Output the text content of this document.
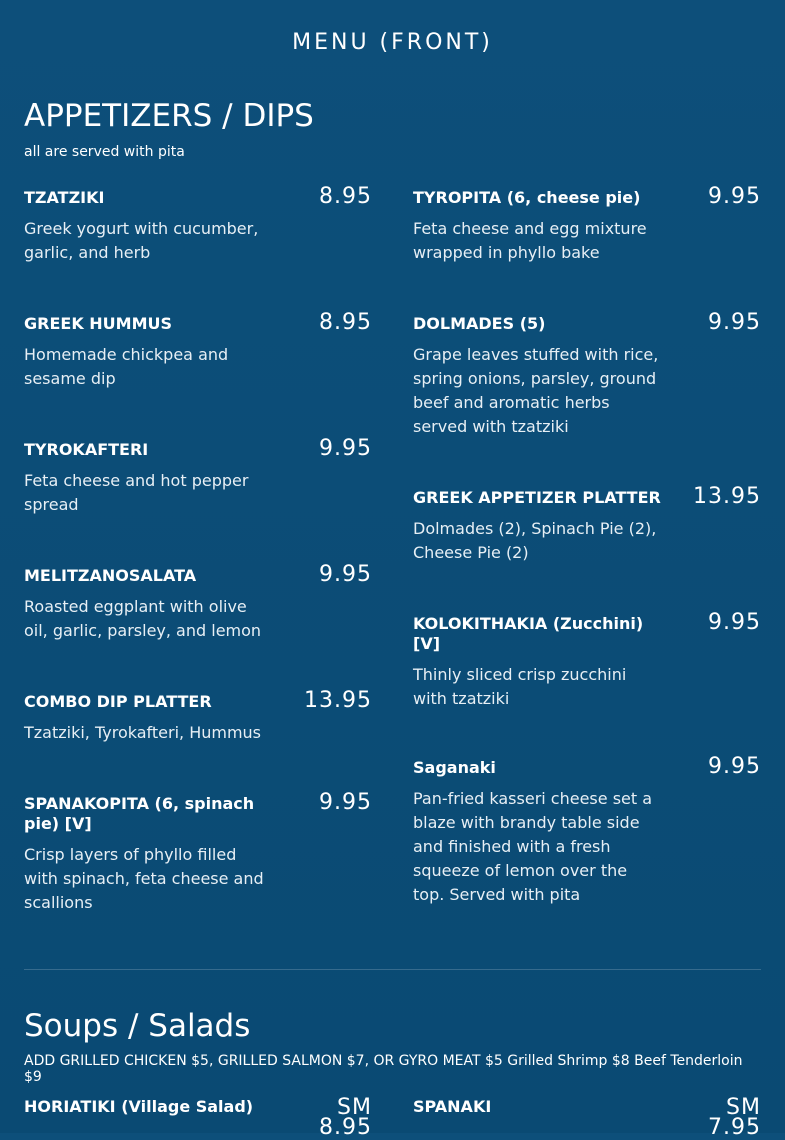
MENU (FRONT)
APPETIZERS / DIPS
all are served with pita
TZATZIKI	8.95
Greek yogurt with cucumber, garlic, and herb
GREEK HUMMUS	8.95
Homemade chickpea and sesame dip
TYROKAFTERI	9.95
Feta cheese and hot pepper spread
MELITZANOSALATA	9.95
Roasted eggplant with olive oil, garlic, parsley, and lemon
COMBO DIP PLATTER	13.95
Tzatziki, Tyrokafteri, Hummus
SPANAKOPITA (6, spinach pie) [V]
9.95
Crisp layers of phyllo filled with spinach, feta cheese and scallions
TYROPITA (6, cheese pie)	9.95
Feta cheese and egg mixture wrapped in phyllo bake
DOLMADES (5)	9.95
Grape leaves stuffed with rice, spring onions, parsley, ground beef and aromatic herbs served with tzatziki
GREEK APPETIZER PLATTER 13.95
Dolmades (2), Spinach Pie (2), Cheese Pie (2)
KOLOKITHAKIA (Zucchini) [V]
9.95
Thinly sliced crisp zucchini with tzatziki
Saganaki	9.95
Pan-fried kasseri cheese set a blaze with brandy table side and finished with a fresh squeeze of lemon over the top. Served with pita
Soups / Salads
ADD GRILLED CHICKEN $5, GRILLED SALMON $7, OR GYRO MEAT $5 Grilled Shrimp $8 Beef Tenderloin $9
HORIATIKI (Village Salad)	SM
8.95
SPANAKI	SM
7.95
